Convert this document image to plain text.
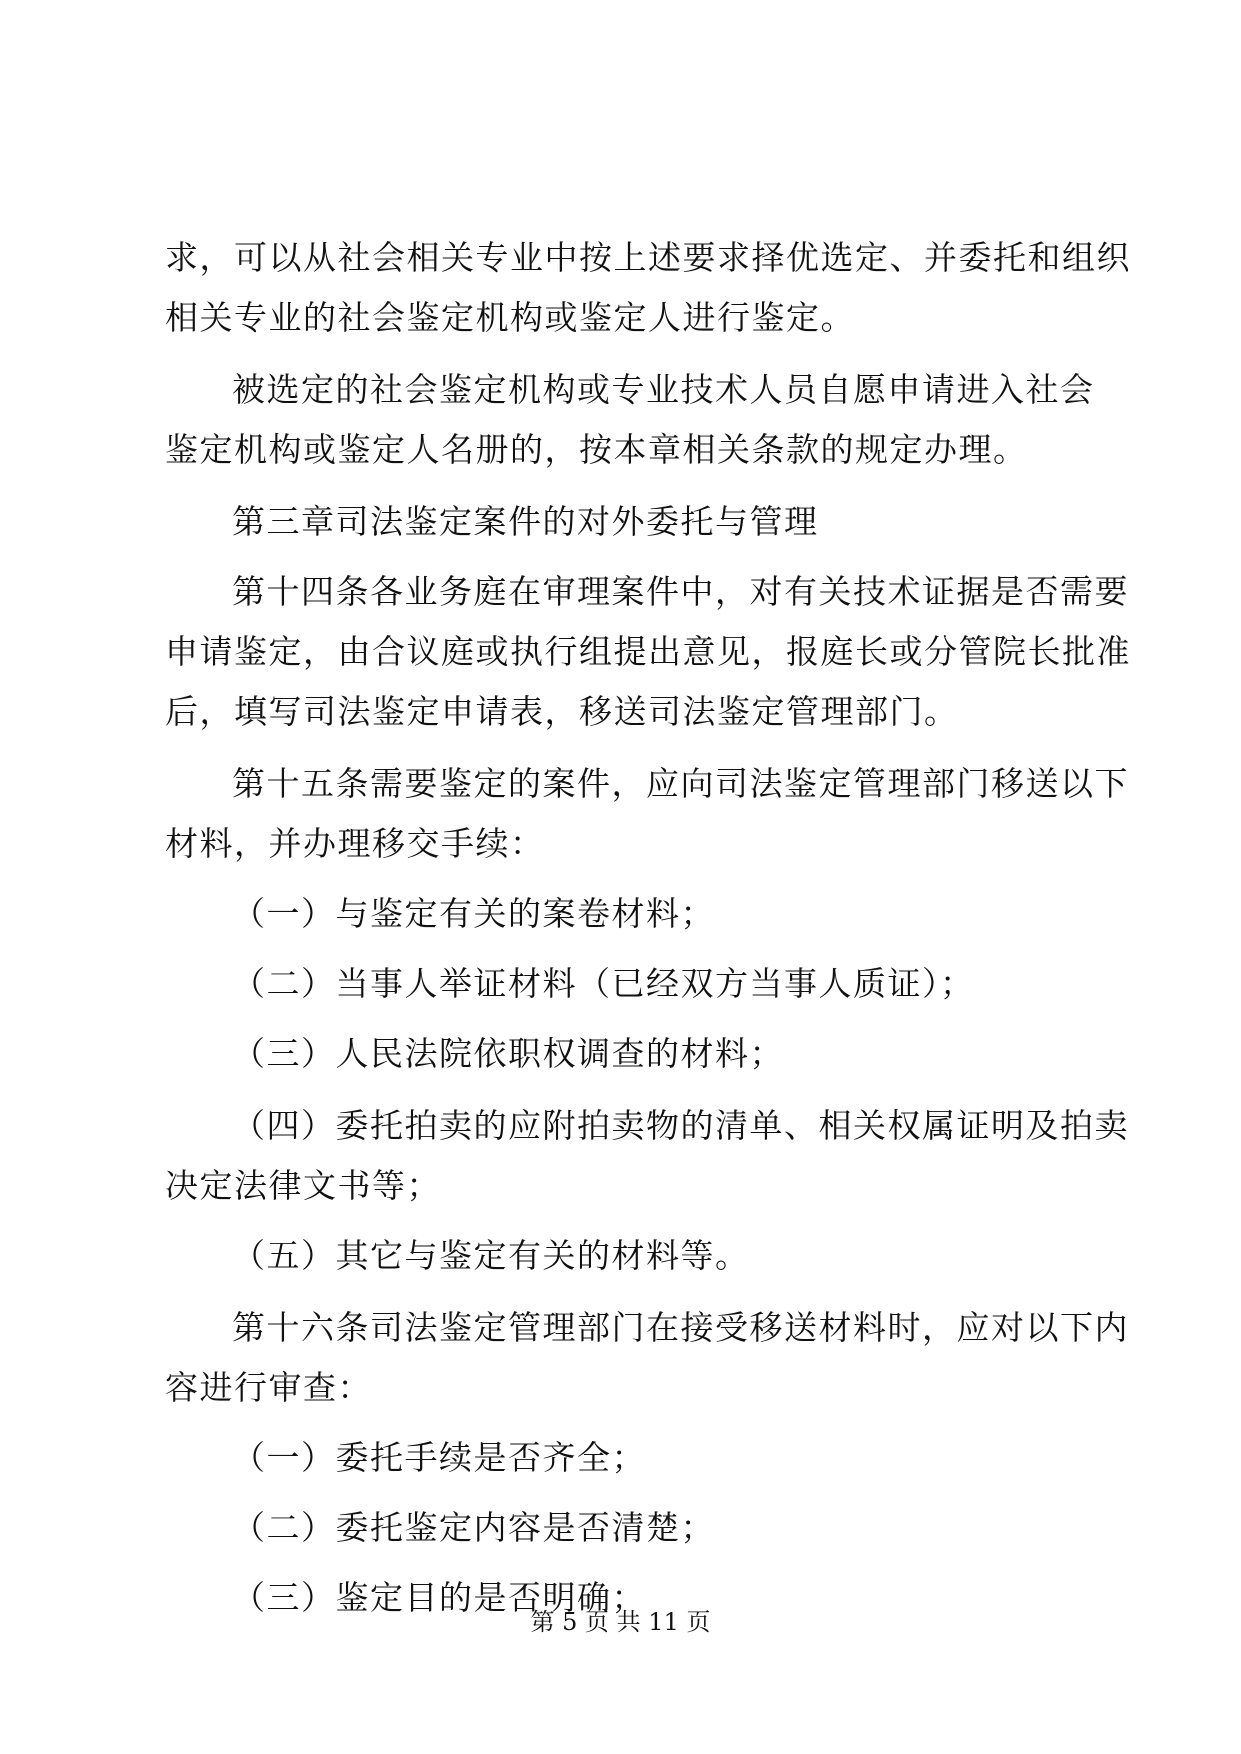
求，可以从社会相关专业中按上述要求择优选定、并委托和组织
相关专业的社会鉴定机构或鉴定人进行鉴定。
被选定的社会鉴定机构或专业技术人员自愿申请进入社会
鉴定机构或鉴定人名册的，按本章相关条款的规定办理。
第三章司法鉴定案件的对外委托与管理
第十四条各业务庭在审理案件中，对有关技术证据是否需要
申请鉴定，由合议庭或执行组提出意见，报庭长或分管院长批准
后，填写司法鉴定申请表，移送司法鉴定管理部门。
第十五条需要鉴定的案件，应向司法鉴定管理部门移送以下
材料，并办理移交手续：
（一）与鉴定有关的案卷材料；
（二）当事人举证材料（已经双方当事人质证）；
（三）人民法院依职权调查的材料；
（四）委托拍卖的应附拍卖物的清单、相关权属证明及拍卖
决定法律文书等；
（五）其它与鉴定有关的材料等。
第十六条司法鉴定管理部门在接受移送材料时，应对以下内
容进行审查：
（一）委托手续是否齐全；
（二）委托鉴定内容是否清楚；
（三）鉴定目的是否明确；
第 5 页 共 11 页
